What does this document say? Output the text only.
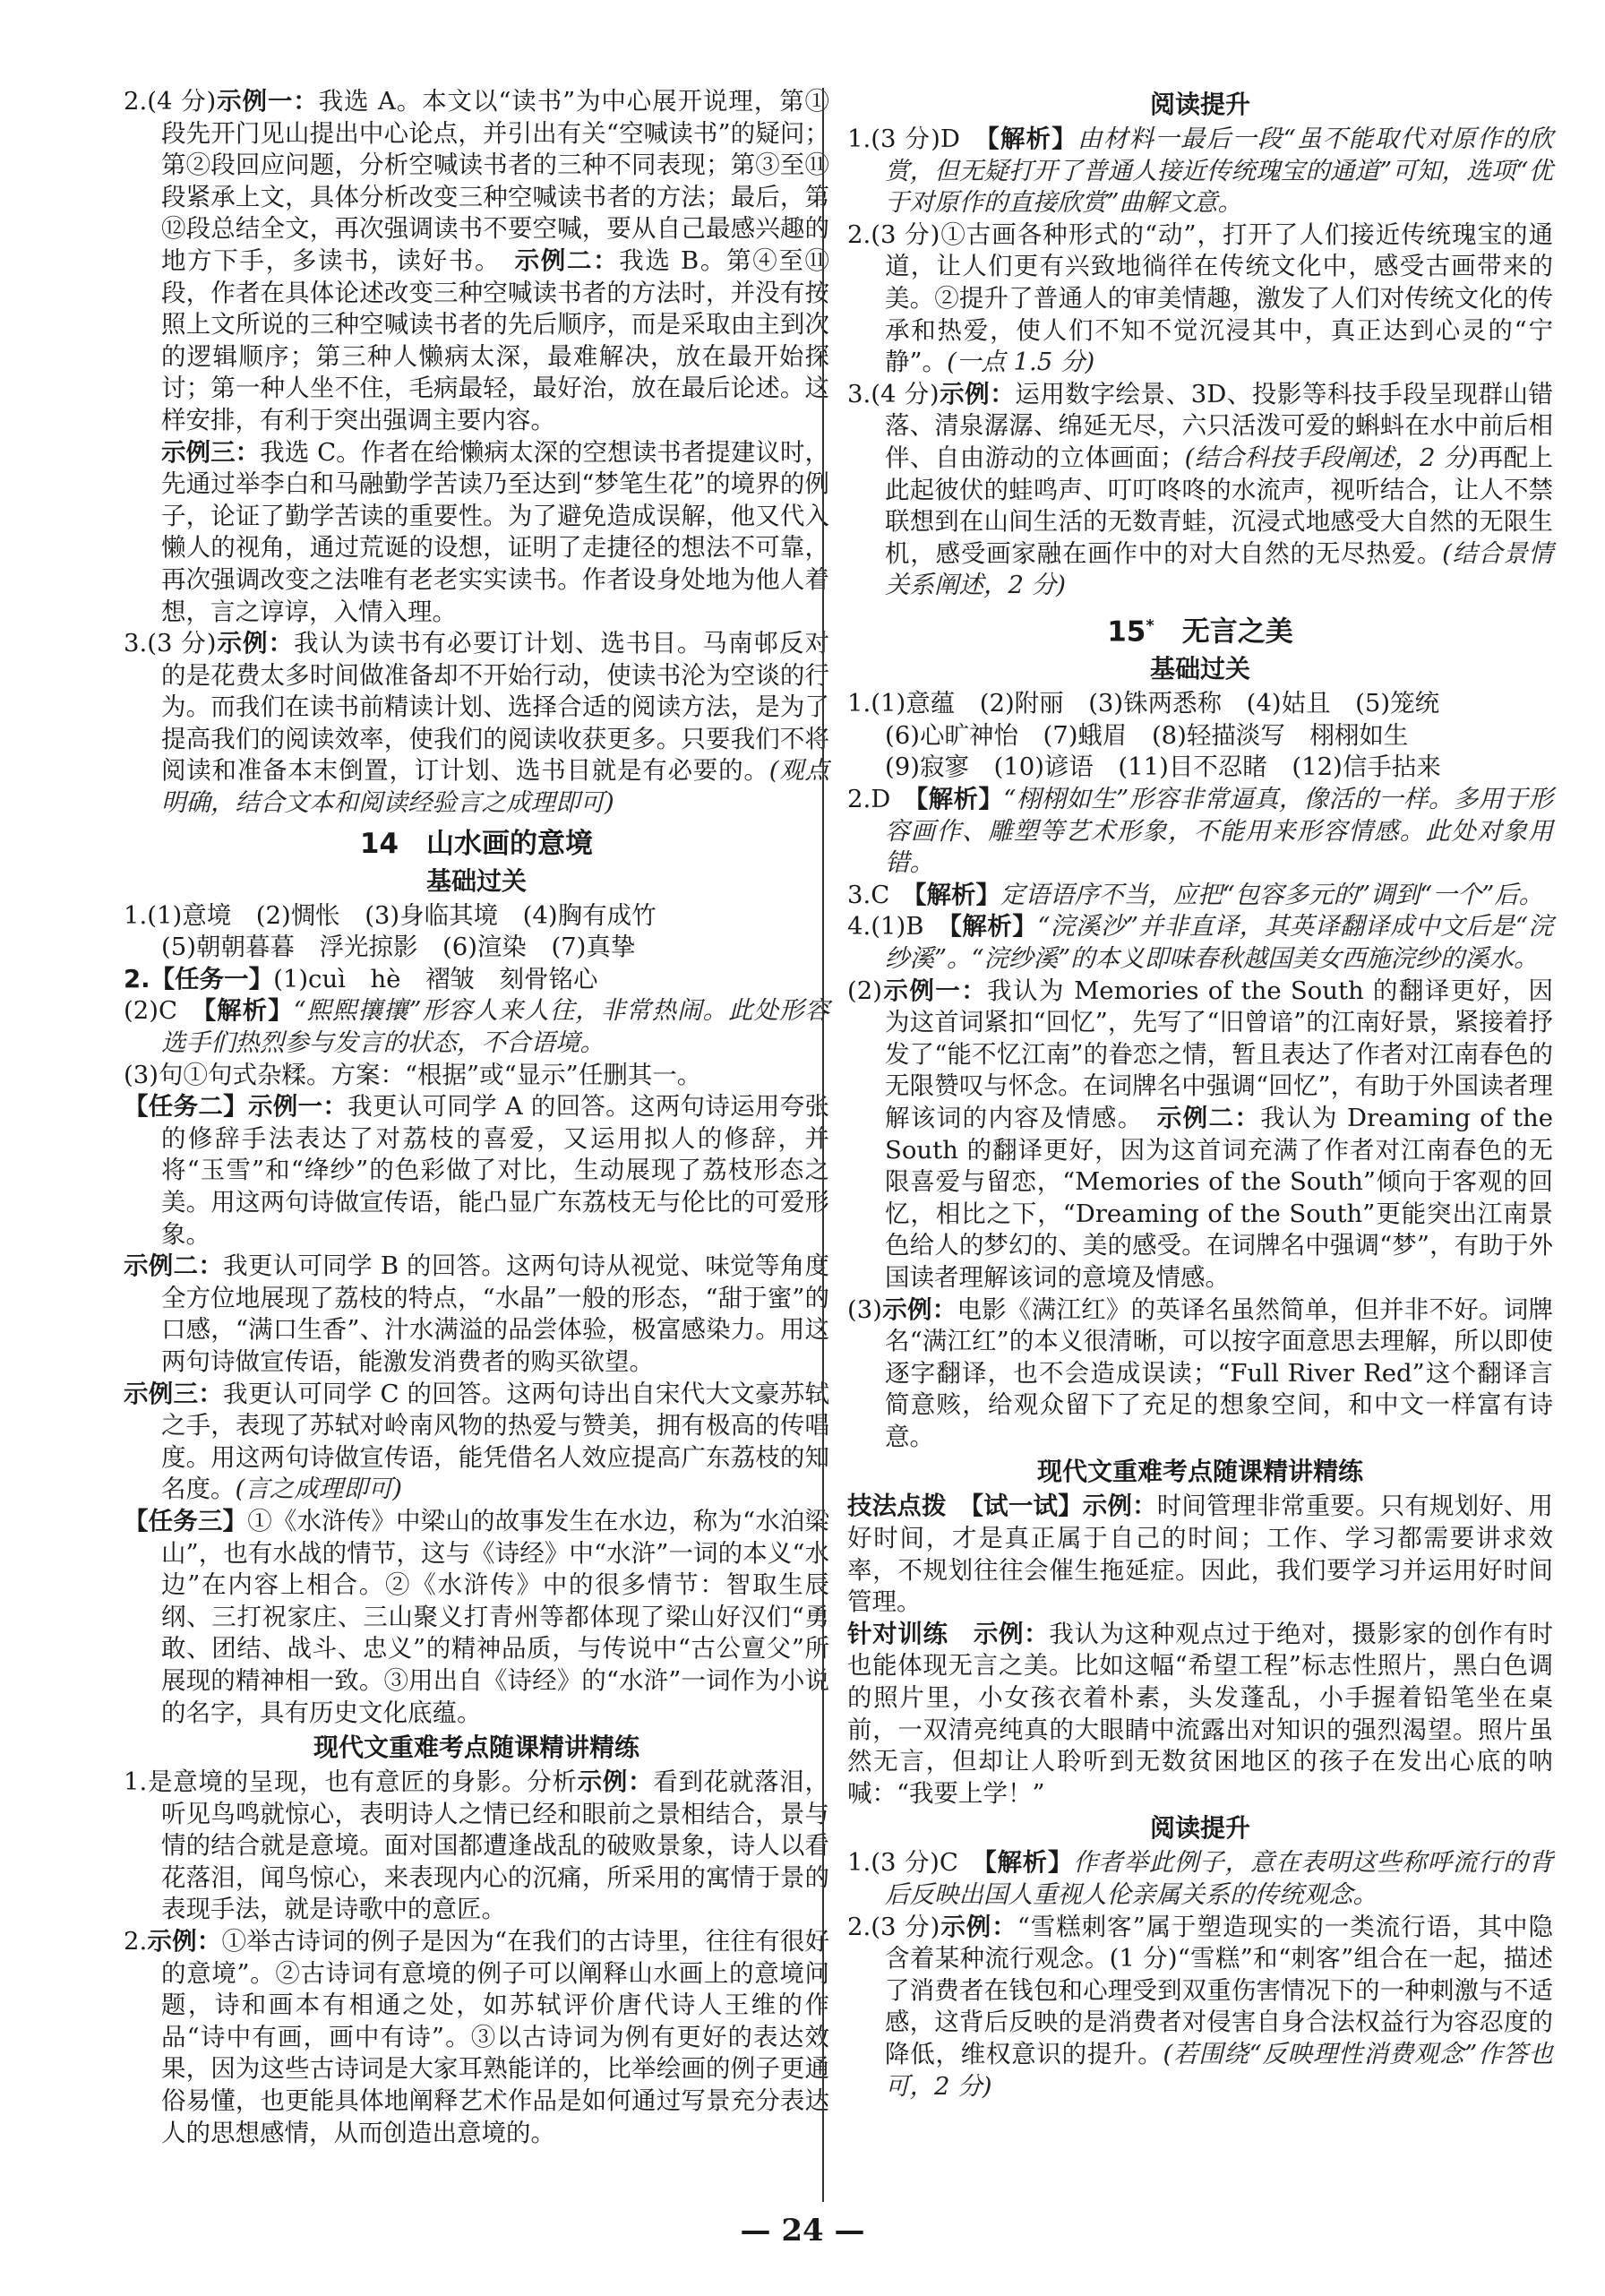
2.(4 分)示例一：我选 A。本文以“读书”为中心展开说理，第①段先开门见山提出中心论点，并引出有关“空喊读书”的疑问；第②段回应问题，分析空喊读书者的三种不同表现；第③至⑪段紧承上文，具体分析改变三种空喊读书者的方法；最后，第⑫段总结全文，再次强调读书不要空喊，要从自己最感兴趣的地方下手，多读书，读好书。　 示例二：我选 B。第④至⑪段，作者在具体论述改变三种空喊读书者的方法时，并没有按照上文所说的三种空喊读书者的先后顺序，而是采取由主到次的逻辑顺序；第三种人懒病太深，最难解决，放在最开始探讨；第一种人坐不住，毛病最轻，最好治，放在最后论述。这样安排，有利于突出强调主要内容。
示例三：我选 C。作者在给懒病太深的空想读书者提建议时，先通过举李白和马融勤学苦读乃至达到“梦笔生花”的境界的例子，论证了勤学苦读的重要性。为了避免造成误解，他又代入懒人的视角，通过荒诞的设想，证明了走捷径的想法不可靠，再次强调改变之法唯有老老实实读书。作者设身处地为他人着想，言之谆谆，入情入理。
3.(3 分)示例：我认为读书有必要订计划、选书目。马南邨反对的是花费太多时间做准备却不开始行动，使读书沦为空谈的行为。而我们在读书前精读计划、选择合适的阅读方法，是为了提高我们的阅读效率，使我们的阅读收获更多。只要我们不将阅读和准备本末倒置，订计划、选书目就是有必要的。(观点明确，结合文本和阅读经验言之成理即可)
14　山水画的意境
基础过关
1.(1)意境　 (2)惆怅　 (3)身临其境　 (4)胸有成竹
(5)朝朝暮暮　 浮光掠影　 (6)渲染　 (7)真挚
2.【任务一】(1)cuì　hè　褶皱　刻骨铭心
(2)C　【解析】“熙熙攘攘”形容人来人往，非常热闹。此处形容选手们热烈参与发言的状态，不合语境。
(3)句①句式杂糅。方案：“根据”或“显示”任删其一。
【任务二】示例一：我更认可同学 A 的回答。这两句诗运用夸张的修辞手法表达了对荔枝的喜爱，又运用拟人的修辞，并将“玉雪”和“绛纱”的色彩做了对比，生动展现了荔枝形态之美。用这两句诗做宣传语，能凸显广东荔枝无与伦比的可爱形象。
示例二：我更认可同学 B 的回答。这两句诗从视觉、味觉等角度全方位地展现了荔枝的特点，“水晶”一般的形态，“甜于蜜”的口感，“满口生香”、汁水满溢的品尝体验，极富感染力。用这两句诗做宣传语，能激发消费者的购买欲望。
示例三：我更认可同学 C 的回答。这两句诗出自宋代大文豪苏轼之手，表现了苏轼对岭南风物的热爱与赞美，拥有极高的传唱度。用这两句诗做宣传语，能凭借名人效应提高广东荔枝的知名度。(言之成理即可)
【任务三】①《水浒传》中梁山的故事发生在水边，称为“水泊梁山”，也有水战的情节，这与《诗经》中“水浒”一词的本义“水边”在内容上相合。②《水浒传》中的很多情节：智取生辰纲、三打祝家庄、三山聚义打青州等都体现了梁山好汉们“勇敢、团结、战斗、忠义”的精神品质，与传说中“古公亶父”所展现的精神相一致。③用出自《诗经》的“水浒”一词作为小说的名字，具有历史文化底蕴。
现代文重难考点随课精讲精练
1.是意境的呈现，也有意匠的身影。分析示例：看到花就落泪，听见鸟鸣就惊心，表明诗人之情已经和眼前之景相结合，景与情的结合就是意境。面对国都遭逢战乱的破败景象，诗人以看花落泪，闻鸟惊心，来表现内心的沉痛，所采用的寓情于景的表现手法，就是诗歌中的意匠。
2.示例：①举古诗词的例子是因为“在我们的古诗里，往往有很好的意境”。②古诗词有意境的例子可以阐释山水画上的意境问题，诗和画本有相通之处，如苏轼评价唐代诗人王维的作品“诗中有画，画中有诗”。③以古诗词为例有更好的表达效果，因为这些古诗词是大家耳熟能详的，比举绘画的例子更通俗易懂，也更能具体地阐释艺术作品是如何通过写景充分表达人的思想感情，从而创造出意境的。
阅读提升
1.(3 分)D　【解析】由材料一最后一段“虽不能取代对原作的欣赏，但无疑打开了普通人接近传统瑰宝的通道”可知，选项“优于对原作的直接欣赏”曲解文意。
2.(3 分)①古画各种形式的“动”，打开了人们接近传统瑰宝的通道，让人们更有兴致地徜徉在传统文化中，感受古画带来的美。②提升了普通人的审美情趣，激发了人们对传统文化的传承和热爱，使人们不知不觉沉浸其中，真正达到心灵的“宁静”。(一点 1.5 分)
3.(4 分)示例：运用数字绘景、3D、投影等科技手段呈现群山错落、清泉潺潺、绵延无尽，六只活泼可爱的蝌蚪在水中前后相伴、自由游动的立体画面；(结合科技手段阐述，2 分)再配上此起彼伏的蛙鸣声、叮叮咚咚的水流声，视听结合，让人不禁联想到在山间生活的无数青蛙，沉浸式地感受大自然的无限生机，感受画家融在画作中的对大自然的无尽热爱。(结合景情关系阐述，2 分)
15*　 无言之美
基础过关
1.(1)意蕴　 (2)附丽　 (3)铢两悉称　 (4)姑且　 (5)笼统
(6)心旷神怡　 (7)蛾眉　 (8)轻描淡写　 栩栩如生
(9)寂寥　 (10)谚语　 (11)目不忍睹　 (12)信手拈来
2.D　【解析】“栩栩如生”形容非常逼真，像活的一样。多用于形容画作、雕塑等艺术形象，不能用来形容情感。此处对象用错。
3.C　【解析】定语语序不当，应把“包容多元的”调到“一个”后。
4.(1)B　【解析】“浣溪沙”并非直译，其英译翻译成中文后是“浣纱溪”。“浣纱溪”的本义即味春秋越国美女西施浣纱的溪水。
(2)示例一：我认为 Memories of the South 的翻译更好，因为这首词紧扣“回忆”，先写了“旧曾谙”的江南好景，紧接着抒发了“能不忆江南”的眷恋之情，暂且表达了作者对江南春色的无限赞叹与怀念。在词牌名中强调“回忆”，有助于外国读者理解该词的内容及情感。　 示例二：我认为 Dreaming of the South 的翻译更好，因为这首词充满了作者对江南春色的无限喜爱与留恋，“Memories of the South”倾向于客观的回忆，相比之下，“Dreaming of the South”更能突出江南景色给人的梦幻的、美的感受。在词牌名中强调“梦”，有助于外国读者理解该词的意境及情感。
(3)示例：电影《满江红》的英译名虽然简单，但并非不好。词牌名“满江红”的本义很清晰，可以按字面意思去理解，所以即使逐字翻译，也不会造成误读；“Full River Red”这个翻译言简意赅，给观众留下了充足的想象空间，和中文一样富有诗意。
现代文重难考点随课精讲精练
技法点拨　 【试一试】示例：时间管理非常重要。只有规划好、用好时间，才是真正属于自己的时间；工作、学习都需要讲求效率，不规划往往会催生拖延症。因此，我们要学习并运用好时间管理。
针对训练　 示例：我认为这种观点过于绝对，摄影家的创作有时也能体现无言之美。比如这幅“希望工程”标志性照片，黑白色调的照片里，小女孩衣着朴素，头发蓬乱，小手握着铅笔坐在桌前，一双清亮纯真的大眼睛中流露出对知识的强烈渴望。照片虽然无言，但却让人聆听到无数贫困地区的孩子在发出心底的呐喊：“我要上学！”
阅读提升
1.(3 分)C　【解析】作者举此例子，意在表明这些称呼流行的背后反映出国人重视人伦亲属关系的传统观念。
2.(3 分)示例：“雪糕刺客”属于塑造现实的一类流行语，其中隐含着某种流行观念。(1 分)“雪糕”和“刺客”组合在一起，描述了消费者在钱包和心理受到双重伤害情况下的一种刺激与不适感，这背后反映的是消费者对侵害自身合法权益行为容忍度的降低，维权意识的提升。(若围绕“反映理性消费观念”作答也可，2 分)
— 24 —
